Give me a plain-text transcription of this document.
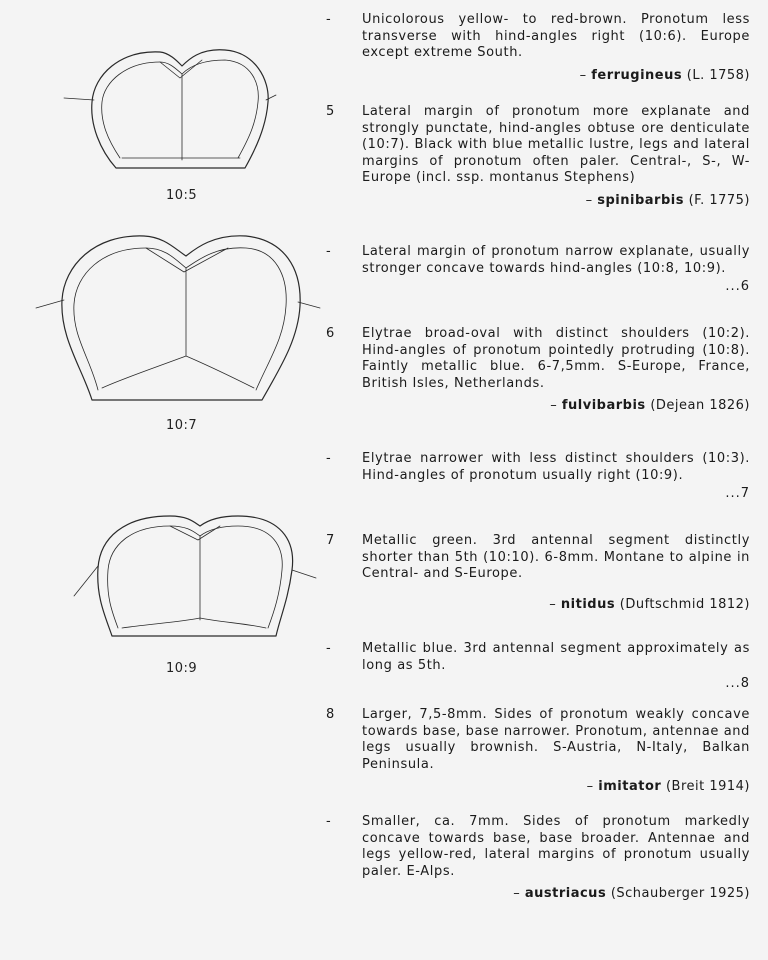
10:5
10:7
10:9
- Unicolorous yellow- to red-brown. Pronotum less transverse with hind-angles right (10:6). Europe except extreme South.
– ferrugineus (L. 1758)
5 Lateral margin of pronotum more explanate and strongly punctate, hind-angles obtuse ore denticulate (10:7). Black with blue metallic lustre, legs and lateral margins of pronotum often paler. Central-, S-, W-Europe (incl. ssp. montanus Stephens)
– spinibarbis (F. 1775)
- Lateral margin of pronotum narrow explanate, usually stronger concave towards hind-angles (10:8, 10:9).
...6
6 Elytrae broad-oval with distinct shoulders (10:2). Hind-angles of pronotum pointedly protruding (10:8). Faintly metallic blue. 6-7,5mm. S-Europe, France, British Isles, Netherlands.
– fulvibarbis (Dejean 1826)
- Elytrae narrower with less distinct shoulders (10:3). Hind-angles of pronotum usually right (10:9).
...7
7 Metallic green. 3rd antennal segment distinctly shorter than 5th (10:10). 6-8mm. Montane to alpine in Central- and S-Europe.
– nitidus (Duftschmid 1812)
- Metallic blue. 3rd antennal segment approximately as long as 5th.
...8
8 Larger, 7,5-8mm. Sides of pronotum weakly concave towards base, base narrower. Pronotum, antennae and legs usually brownish. S-Austria, N-Italy, Balkan Peninsula.
– imitator (Breit 1914)
- Smaller, ca. 7mm. Sides of pronotum markedly concave towards base, base broader. Antennae and legs yellow-red, lateral margins of pronotum usually paler. E-Alps.
– austriacus (Schauberger 1925)
